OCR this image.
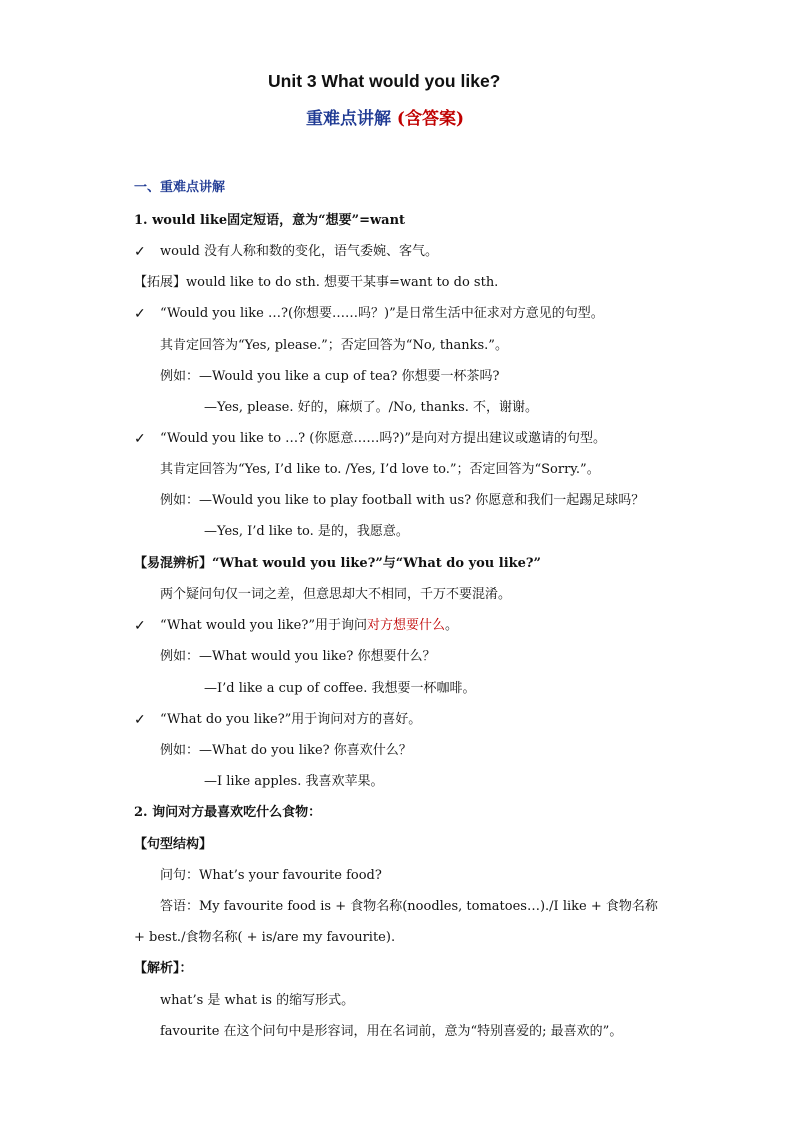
Unit 3 What would you like?
重难点讲解 (含答案)
一、重难点讲解
1. would like固定短语，意为“想要”=want
✓ would 没有人称和数的变化，语气委婉、客气。
【拓展】would like to do sth. 想要干某事=want to do sth.
✓ “Would you like …?(你想要……吗？)”是日常生活中征求对方意见的句型。
其肯定回答为“Yes, please.”；否定回答为“No, thanks.”。
例如：—Would you like a cup of tea? 你想要一杯茶吗?
—Yes, please. 好的，麻烦了。/No, thanks. 不，谢谢。
✓ “Would you like to …? (你愿意……吗?)”是向对方提出建议或邀请的句型。
其肯定回答为“Yes, I’d like to. /Yes, I’d love to.”；否定回答为“Sorry.”。
例如：—Would you like to play football with us? 你愿意和我们一起踢足球吗？
—Yes, I’d like to. 是的，我愿意。
【易混辨析】“What would you like?”与“What do you like?”
两个疑问句仅一词之差，但意思却大不相同，千万不要混淆。
✓ “What would you like?”用于询问对方想要什么。
例如：—What would you like? 你想要什么？
—I’d like a cup of coffee. 我想要一杯咖啡。
✓ “What do you like?”用于询问对方的喜好。
例如：—What do you like? 你喜欢什么？
—I like apples. 我喜欢苹果。
2. 询问对方最喜欢吃什么食物：
【句型结构】
问句：What’s your favourite food?
答语：My favourite food is + 食物名称(noodles, tomatoes…)./I like + 食物名称
+ best./食物名称( + is/are my favourite).
【解析】：
what’s 是 what is 的缩写形式。
favourite 在这个问句中是形容词，用在名词前，意为“特别喜爱的; 最喜欢的”。
